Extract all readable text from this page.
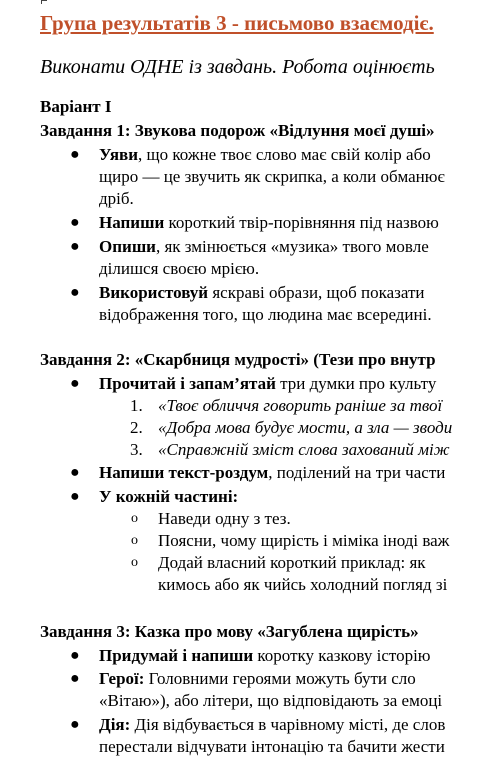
Група результатів 3 - письмово взаємодіє.
Виконати ОДНЕ із завдань. Робота оцінюєть
Варіант І
Завдання 1: Звукова подорож «Відлуння моєї душі»
● Уяви, що кожне твоє слово має свій колір або
щиро — це звучить як скрипка, а коли обманює
дріб.
● Напиши короткий твір-порівняння під назвою
● Опиши, як змінюється «музика» твого мовле
ділишся своєю мрією.
● Використовуй яскраві образи, щоб показати
відображення того, що людина має всередині.
Завдання 2: «Скарбниця мудрості» (Тези про внутр
● Прочитай і запам’ятай три думки про культу
1. «Твоє обличчя говорить раніше за твої
2. «Добра мова будує мости, а зла — зводи
3. «Справжній зміст слова захований між
● Напиши текст-роздум, поділений на три части
● У кожній частині:
o Наведи одну з тез.
o Поясни, чому щирість і міміка іноді важ
o Додай власний короткий приклад: як
кимось або як чийсь холодний погляд зі
Завдання 3: Казка про мову «Загублена щирість»
● Придумай і напиши коротку казкову історію
● Герої: Головними героями можуть бути сло
«Вітаю»), або літери, що відповідають за емоці
● Дія: Дія відбувається в чарівному місті, де слов
перестали відчувати інтонацію та бачити жести
